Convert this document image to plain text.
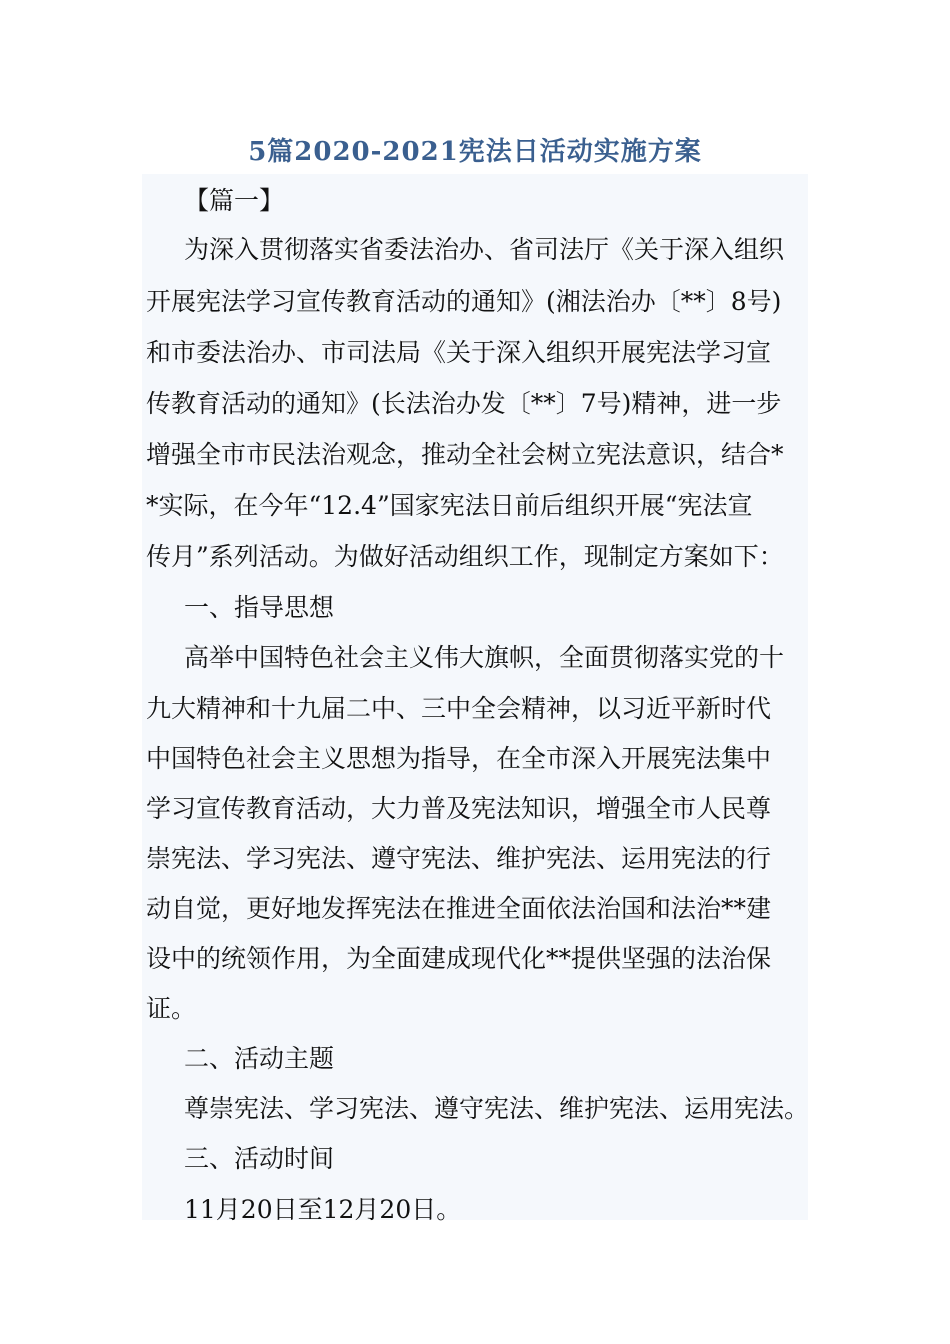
5篇2020-2021宪法日活动实施方案
【篇一】
为深入贯彻落实省委法治办、省司法厅《关于深入组织
开展宪法学习宣传教育活动的通知》(湘法治办〔**〕8号)
和市委法治办、市司法局《关于深入组织开展宪法学习宣
传教育活动的通知》(长法治办发〔**〕7号)精神，进一步
增强全市市民法治观念，推动全社会树立宪法意识，结合*
*实际，在今年“12.4”国家宪法日前后组织开展“宪法宣
传月”系列活动。为做好活动组织工作，现制定方案如下：
一、指导思想
高举中国特色社会主义伟大旗帜，全面贯彻落实党的十
九大精神和十九届二中、三中全会精神，以习近平新时代
中国特色社会主义思想为指导，在全市深入开展宪法集中
学习宣传教育活动，大力普及宪法知识，增强全市人民尊
崇宪法、学习宪法、遵守宪法、维护宪法、运用宪法的行
动自觉，更好地发挥宪法在推进全面依法治国和法治**建
设中的统领作用，为全面建成现代化**提供坚强的法治保
证。
二、活动主题
尊崇宪法、学习宪法、遵守宪法、维护宪法、运用宪法。
三、活动时间
11月20日至12月20日。
